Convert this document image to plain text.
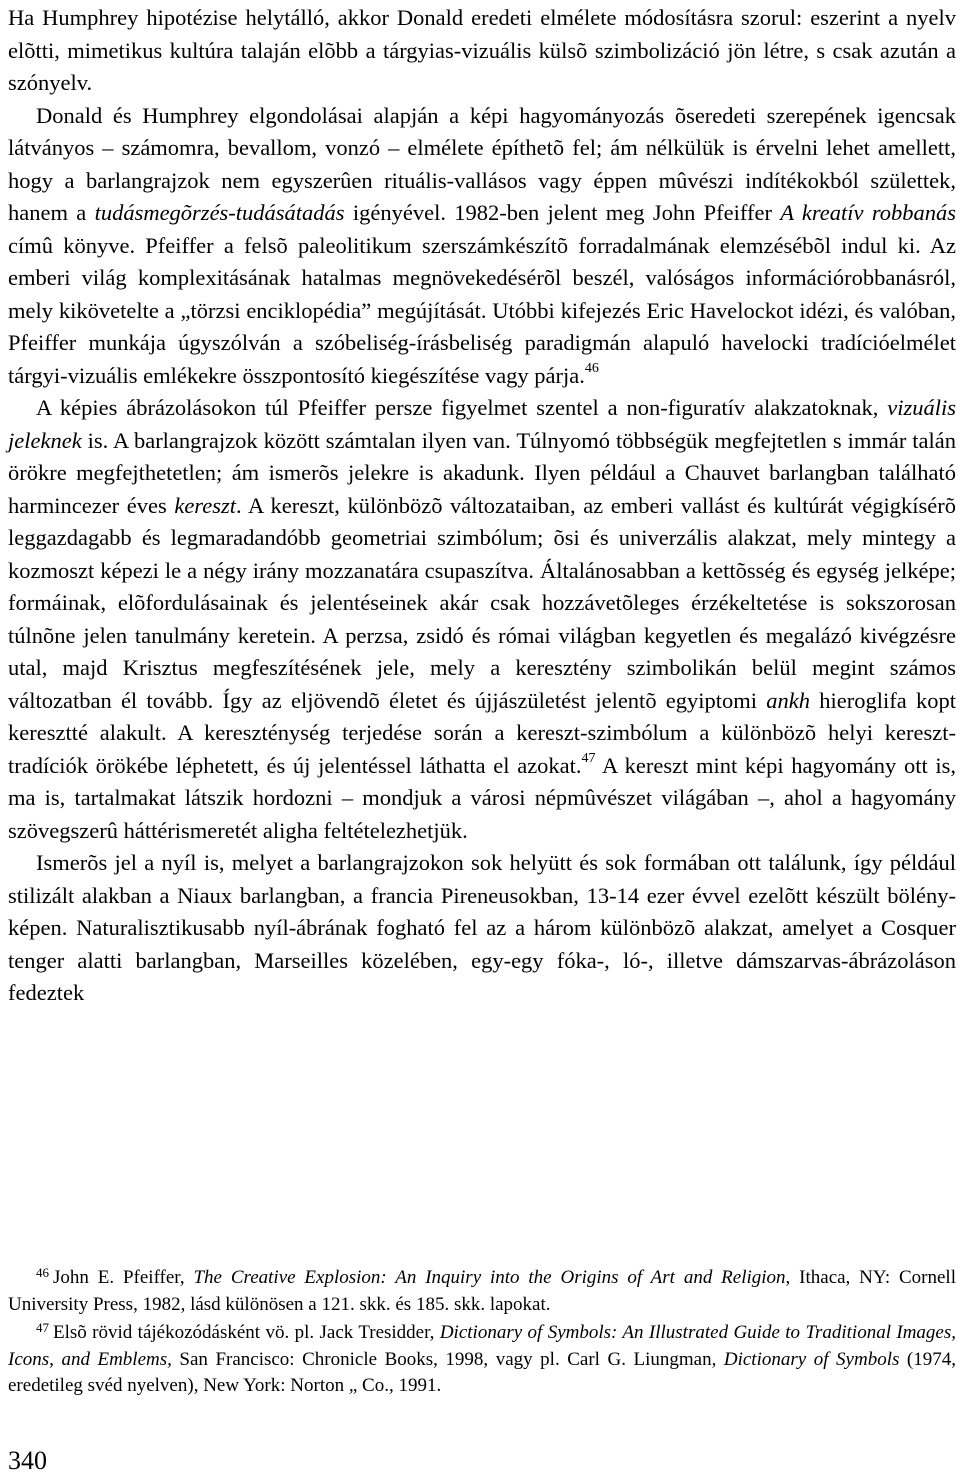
Ha Humphrey hipotézise helytálló, akkor Donald eredeti elmélete módosításra szorul: eszerint a nyelv elõtti, mimetikus kultúra talaján elõbb a tárgyias-vizuális külsõ szimbolizáció jön létre, s csak azután a szónyelv.

Donald és Humphrey elgondolásai alapján a képi hagyományozás õseredeti szerepének igencsak látványos – számomra, bevallom, vonzó – elmélete építhetõ fel; ám nélkülük is érvelni lehet amellett, hogy a barlangrajzok nem egyszerûen rituális-vallásos vagy éppen mûvészi indítékokból születtek, hanem a tudásmegõrzés-tudásátadás igényével. 1982-ben jelent meg John Pfeiffer A kreatív robbanás címû könyve. Pfeiffer a felsõ paleolitikum szerszámkészítõ forradalmának elemzésébõl indul ki. Az emberi világ komplexitásának hatalmas megnövekedésérõl beszél, valóságos információrobbanásról, mely kikövetelte a „törzsi enciklopédia” megújítását. Utóbbi kifejezés Eric Havelockot idézi, és valóban, Pfeiffer munkája úgyszólván a szóbeliség-írásbeliség paradigmán alapuló havelocki tradícióelmélet tárgyi-vizuális emlékekre összpontosító kiegészítése vagy párja.$^{46}$

A képies ábrázolásokon túl Pfeiffer persze figyelmet szentel a non-figuratív alakzatoknak, vizuális jeleknek is. A barlangrajzok között számtalan ilyen van. Túlnyomó többségük megfejtetlen s immár talán örökre megfejthetetlen; ám ismerõs jelekre is akadunk. Ilyen például a Chauvet barlangban található harmincezer éves kereszt. A kereszt, különbözõ változataiban, az emberi vallást és kultúrát végigkísérõ leggazdagabb és legmaradandóbb geometriai szimbólum; õsi és univerzális alakzat, mely mintegy a kozmoszt képezi le a négy irány mozzanatára csupaszítva. Általánosabban a kettõsség és egység jelképe; formáinak, elõfordulásainak és jelentéseinek akár csak hozzávetõleges érzékeltetése is sokszorosan túlnõne jelen tanulmány keretein. A perzsa, zsidó és római világban kegyetlen és megalázó kivégzésre utal, majd Krisztus megfeszítésének jele, mely a keresztény szimbolikán belül megint számos változatban él tovább. Így az eljövendõ életet és újjászületést jelentõ egyiptomi ankh hieroglifa kopt keresztté alakult. A kereszténység terjedése során a kereszt-szimbólum a különbözõ helyi kereszt-tradíciók örökébe léphetett, és új jelentéssel láthatta el azokat.$^{47}$ A kereszt mint képi hagyomány ott is, ma is, tartalmakat látszik hordozni – mondjuk a városi népmûvészet világában –, ahol a hagyomány szövegszerû háttérismeretét aligha feltételezhetjük.

Ismerõs jel a nyíl is, melyet a barlangrajzokon sok helyütt és sok formában ott találunk, így például stilizált alakban a Niaux barlangban, a francia Pireneusokban, 13-14 ezer évvel ezelõtt készült bölény-képen. Naturalisztikusabb nyíl-ábrának fogható fel az a három különbözõ alakzat, amelyet a Cosquer tenger alatti barlangban, Marseilles közelében, egy-egy fóka-, ló-, illetve dámszarvas-ábrázoláson fedeztek

$^{46}$ John E. Pfeiffer, The Creative Explosion: An Inquiry into the Origins of Art and Religion, Ithaca, NY: Cornell University Press, 1982, lásd különösen a 121. skk. és 185. skk. lapokat.

$^{47}$ Elsõ rövid tájékozódásként vö. pl. Jack Tresidder, Dictionary of Symbols: An Illustrated Guide to Traditional Images, Icons, and Emblems, San Francisco: Chronicle Books, 1998, vagy pl. Carl G. Liungman, Dictionary of Symbols (1974, eredetileg svéd nyelven), New York: Norton „ Co., 1991.

340
